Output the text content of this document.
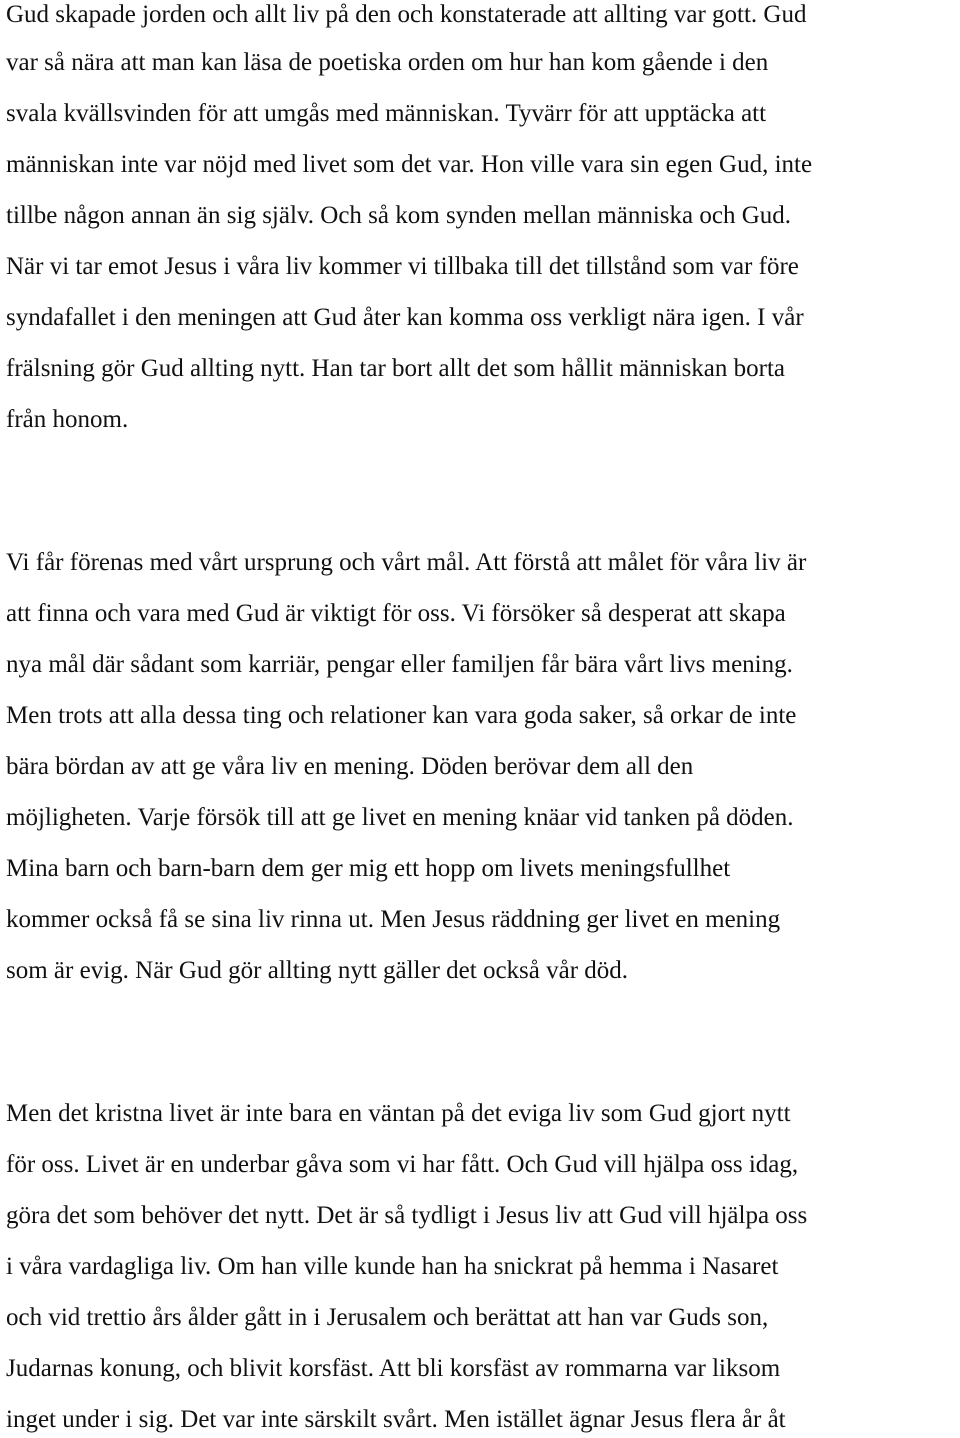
Gud skapade jorden och allt liv på den och konstaterade att allting var gott. Gud
var så nära att man kan läsa de poetiska orden om hur han kom gående i den
svala kvällsvinden för att umgås med människan. Tyvärr för att upptäcka att
människan inte var nöjd med livet som det var. Hon ville vara sin egen Gud, inte
tillbe någon annan än sig själv. Och så kom synden mellan människa och Gud.
När vi tar emot Jesus i våra liv kommer vi tillbaka till det tillstånd som var före
syndafallet i den meningen att Gud åter kan komma oss verkligt nära igen. I vår
frälsning gör Gud allting nytt. Han tar bort allt det som hållit människan borta
från honom.
Vi får förenas med vårt ursprung och vårt mål. Att förstå att målet för våra liv är
att finna och vara med Gud är viktigt för oss. Vi försöker så desperat att skapa
nya mål där sådant som karriär, pengar eller familjen får bära vårt livs mening.
Men trots att alla dessa ting och relationer kan vara goda saker, så orkar de inte
bära bördan av att ge våra liv en mening. Döden berövar dem all den
möjligheten. Varje försök till att ge livet en mening knäar vid tanken på döden.
Mina barn och barn-barn dem ger mig ett hopp om livets meningsfullhet
kommer också få se sina liv rinna ut. Men Jesus räddning ger livet en mening
som är evig. När Gud gör allting nytt gäller det också vår död.
Men det kristna livet är inte bara en väntan på det eviga liv som Gud gjort nytt
för oss. Livet är en underbar gåva som vi har fått. Och Gud vill hjälpa oss idag,
göra det som behöver det nytt. Det är så tydligt i Jesus liv att Gud vill hjälpa oss
i våra vardagliga liv. Om han ville kunde han ha snickrat på hemma i Nasaret
och vid trettio års ålder gått in i Jerusalem och berättat att han var Guds son,
Judarnas konung, och blivit korsfäst. Att bli korsfäst av rommarna var liksom
inget under i sig. Det var inte särskilt svårt. Men istället ägnar Jesus flera år åt
